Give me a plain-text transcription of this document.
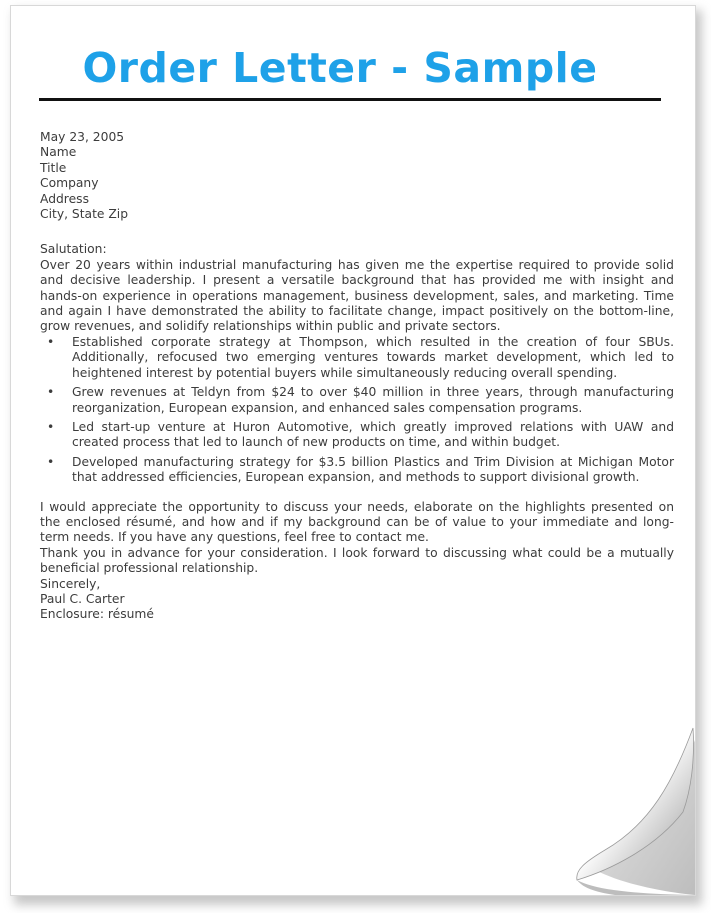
Order Letter - Sample

May 23, 2005

Name
Title
Company
Address
City, State Zip

Salutation:

Over 20 years within industrial manufacturing has given me the expertise required to provide solid and decisive leadership. I present a versatile background that has provided me with insight and hands-on experience in operations management, business development, sales, and marketing. Time and again I have demonstrated the ability to facilitate change, impact positively on the bottom-line, grow revenues, and solidify relationships within public and private sectors.

• Established corporate strategy at Thompson, which resulted in the creation of four SBUs. Additionally, refocused two emerging ventures towards market development, which led to heightened interest by potential buyers while simultaneously reducing overall spending.
• Grew revenues at Teldyn from $24 to over $40 million in three years, through manufacturing reorganization, European expansion, and enhanced sales compensation programs.
• Led start-up venture at Huron Automotive, which greatly improved relations with UAW and created process that led to launch of new products on time, and within budget.
• Developed manufacturing strategy for $3.5 billion Plastics and Trim Division at Michigan Motor that addressed efficiencies, European expansion, and methods to support divisional growth.

I would appreciate the opportunity to discuss your needs, elaborate on the highlights presented on the enclosed résumé, and how and if my background can be of value to your immediate and long-term needs. If you have any questions, feel free to contact me.

Thank you in advance for your consideration. I look forward to discussing what could be a mutually beneficial professional relationship.

Sincerely,

Paul C. Carter

Enclosure: résumé
